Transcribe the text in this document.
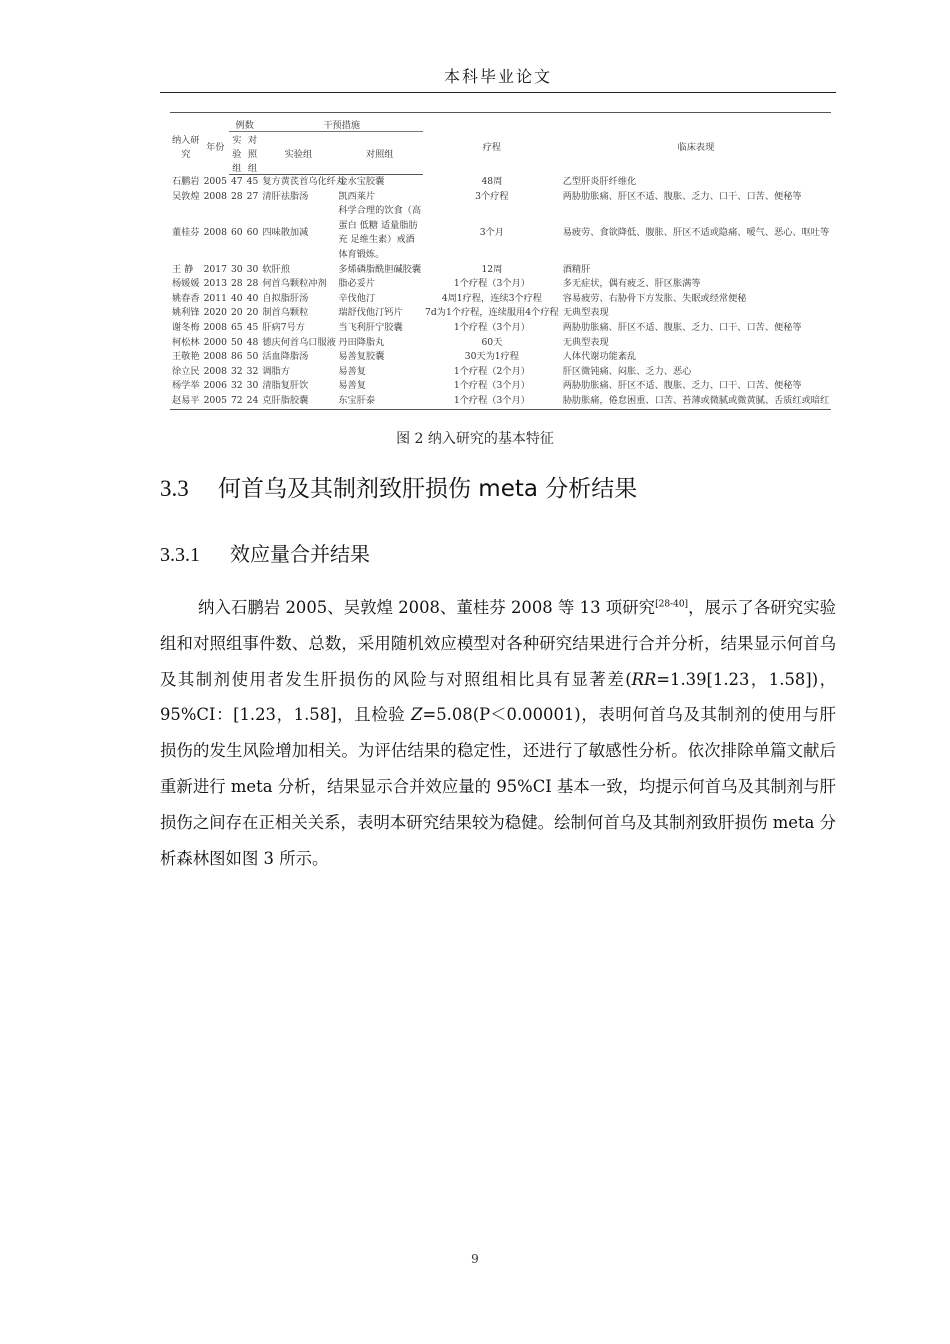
本科毕业论文
纳入研究	年份	例数		干预措施		疗程	临床表现
		实验组	对照组	实验组	对照组		
石鹏岩	2005	47	45	复方黄芪首乌化纤丸	金水宝胶囊	48周	乙型肝炎肝纤维化
吴敦煌	2008	28	27	清肝祛脂汤	凯西莱片	3个疗程	两胁肋胀痛、肝区不适、腹胀、乏力、口干、口苦、便秘等
董桂芬	2008	60	60	四味散加减	科学合理的饮食（高蛋白 低糖 适量脂肪 充 足维生素）戒酒 体育锻炼。	3个月	易疲劳、食欲降低、腹胀、肝区不适或隐痛、嗳气、恶心、呕吐等
王 静	2017	30	30	软肝煎	多烯磷脂酰胆碱胶囊	12周	酒精肝
杨媛媛	2013	28	28	何首乌颗粒冲剂	脂必妥片	1个疗程（3个月）	多无症状，偶有疲乏、肝区胀满等
姚春香	2011	40	40	自拟脂肝汤	辛伐他汀	4周1疗程，连续3个疗程	容易疲劳、右胁骨下方发胀、失眠或经常便秘
姚利锋	2020	20	20	制首乌颗粒	瑞舒伐他汀钙片	7d为1个疗程，连续服用4个疗程	无典型表现
谢冬梅	2008	65	45	肝病7号方	当飞利肝宁胶囊	1个疗程（3个月）	两胁肋胀痛、肝区不适、腹胀、乏力、口干、口苦、便秘等
柯松林	2000	50	48	德庆何首乌口服液	丹田降脂丸	60天	无典型表现
王敬艳	2008	86	50	活血降脂汤	易善复胶囊	30天为1疗程	人体代谢功能紊乱
徐立民	2008	32	32	调脂方	易善复	1个疗程（2个月）	肝区微钝痛、闷胀、乏力、恶心
杨学举	2006	32	30	清脂复肝饮	易善复	1个疗程（3个月）	两胁肋胀痛、肝区不适、腹胀、乏力、口干、口苦、便秘等
赵易平	2005	72	24	克肝脂胶囊	东宝肝泰	1个疗程（3个月）	胁肋胀痛，倦怠困重、口苦、苔薄或微腻或微黄腻、舌质红或暗红
图 2 纳入研究的基本特征
3.3 何首乌及其制剂致肝损伤 meta 分析结果
3.3.1 效应量合并结果
纳入石鹏岩 2005、吴敦煌 2008、董桂芬 2008 等 13 项研究[28-40]，展示了各研究实验组和对照组事件数、总数，采用随机效应模型对各种研究结果进行合并分析，结果显示何首乌及其制剂使用者发生肝损伤的风险与对照组相比具有显著差(RR=1.39[1.23，1.58])，95%CI：[1.23，1.58]，且检验 Z=5.08(P＜0.00001)，表明何首乌及其制剂的使用与肝损伤的发生风险增加相关。为评估结果的稳定性，还进行了敏感性分析。依次排除单篇文献后重新进行 meta 分析，结果显示合并效应量的 95%CI 基本一致，均提示何首乌及其制剂与肝损伤之间存在正相关关系，表明本研究结果较为稳健。绘制何首乌及其制剂致肝损伤 meta 分析森林图如图 3 所示。
9
